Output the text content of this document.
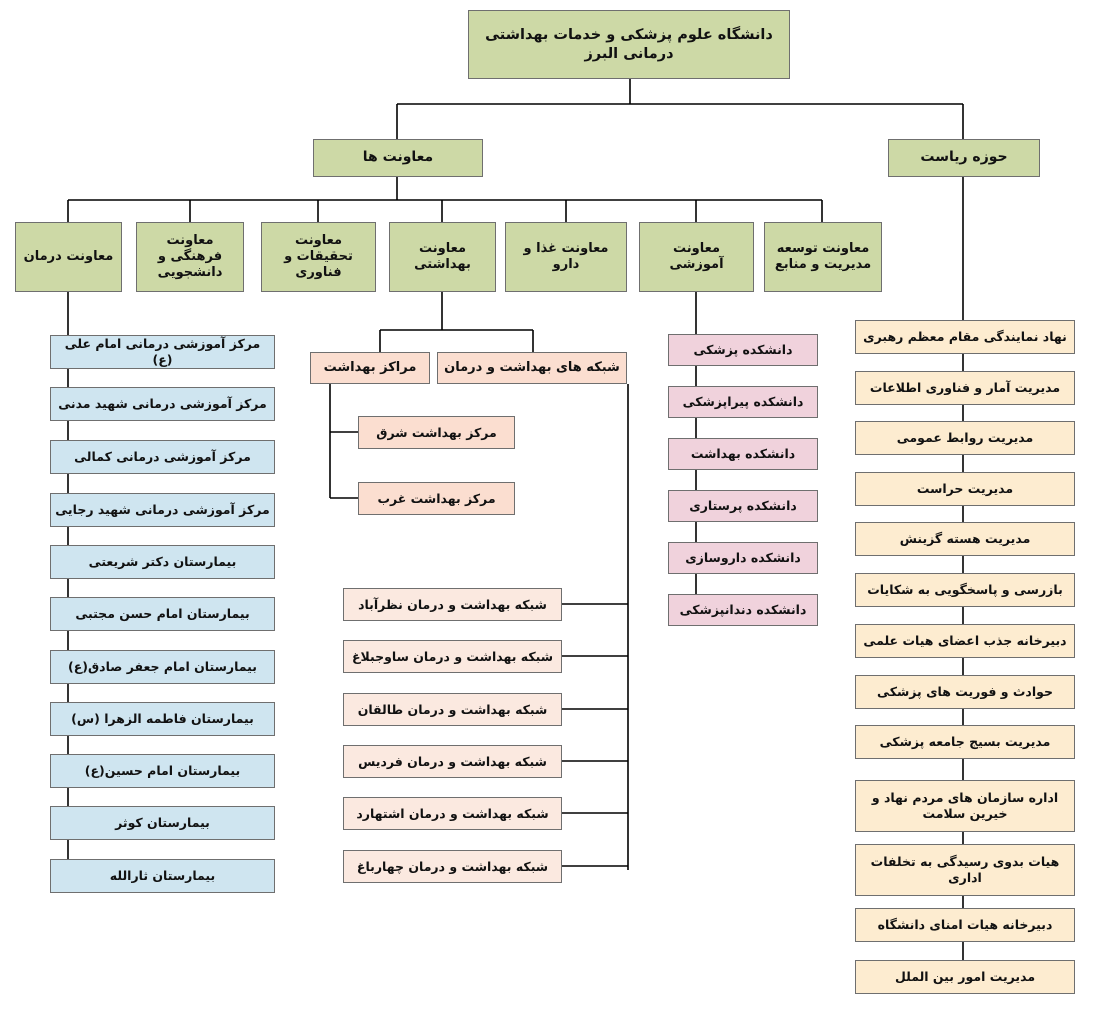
دانشگاه علوم پزشکی و خدمات بهداشتی درمانی البرز
معاونت ها	حوزه ریاست
معاونت درمان
معاونت فرهنگی و دانشجویی
معاونت تحقیقات و فناوری
معاونت بهداشتی
معاونت غذا و دارو
معاونت آموزشی
معاونت توسعه مدیریت و منابع
مرکز آموزشی درمانی امام علی (ع)
مرکز آموزشی درمانی شهید مدنی
مرکز آموزشی درمانی کمالی
مرکز آموزشی درمانی شهید رجایی
بیمارستان دکتر شریعتی
بیمارستان امام حسن مجتبی
بیمارستان امام جعفر صادق(ع)
بیمارستان فاطمه الزهرا (س)
بیمارستان امام حسین(ع)
بیمارستان کوثر
بیمارستان ثارالله
مراکز بهداشت	شبکه های بهداشت و درمان
مرکز بهداشت شرق
مرکز بهداشت غرب
شبکه بهداشت و درمان نظرآباد
شبکه بهداشت و درمان ساوجبلاغ
شبکه بهداشت و درمان طالقان
شبکه بهداشت و درمان فردیس
شبکه بهداشت و درمان اشتهارد
شبکه بهداشت و درمان چهارباغ
دانشکده پزشکی
دانشکده پیراپزشکی
دانشکده بهداشت
دانشکده پرستاری
دانشکده داروسازی
دانشکده دندانپزشکی
نهاد نمایندگی مقام معظم رهبری
مدیریت آمار و فناوری اطلاعات
مدیریت روابط عمومی
مدیریت حراست
مدیریت هسته گزینش
بازرسی و پاسخگویی به شکایات
دبیرخانه جذب اعضای هیات علمی
حوادث و فوریت های پزشکی
مدیریت بسیج جامعه پزشکی
اداره سازمان های مردم نهاد و خیرین سلامت
هیات بدوی رسیدگی به تخلفات اداری
دبیرخانه هیات امنای دانشگاه
مدیریت امور بین الملل
